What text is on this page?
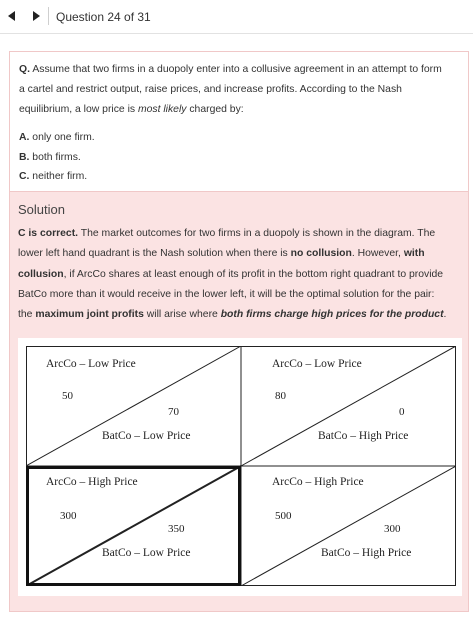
Question 24 of 31
Q. Assume that two firms in a duopoly enter into a collusive agreement in an attempt to form
a cartel and restrict output, raise prices, and increase profits. According to the Nash
equilibrium, a low price is most likely charged by:
A. only one firm.
B. both firms.
C. neither firm.
Solution
C is correct. The market outcomes for two firms in a duopoly is shown in the diagram. The
lower left hand quadrant is the Nash solution when there is no collusion. However, with
collusion, if ArcCo shares at least enough of its profit in the bottom right quadrant to provide
BatCo more than it would receive in the lower left, it will be the optimal solution for the pair:
the maximum joint profits will arise where both firms charge high prices for the product.
ArcCo – Low Price
50
70
BatCo – Low Price
ArcCo – Low Price
80
0
BatCo – High Price
ArcCo – High Price
300
350
BatCo – Low Price
ArcCo – High Price
500
300
BatCo – High Price
